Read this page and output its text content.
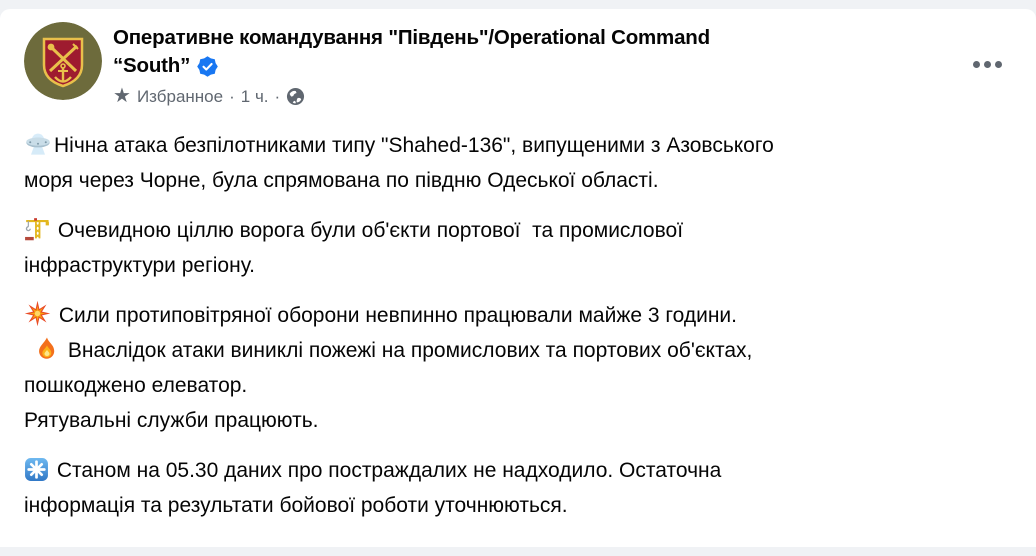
Оперативне командування "Південь"/Operational Command
“South”
★ Избранное · 1 ч. ·

Нічна атака безпілотниками типу "Shahed-136", випущеними з Азовського
моря через Чорне, була спрямована по півдню Одеської області.

Очевидною ціллю ворога були об'єкти портової  та промислової
інфраструктури регіону.

Сили протиповітряної оборони невпинно працювали майже 3 години.
Внаслідок атаки виниклі пожежі на промислових та портових об'єктах,
пошкоджено елеватор.
Рятувальні служби працюють.

Станом на 05.30 даних про постраждалих не надходило. Остаточна
інформація та результати бойової роботи уточнюються.
